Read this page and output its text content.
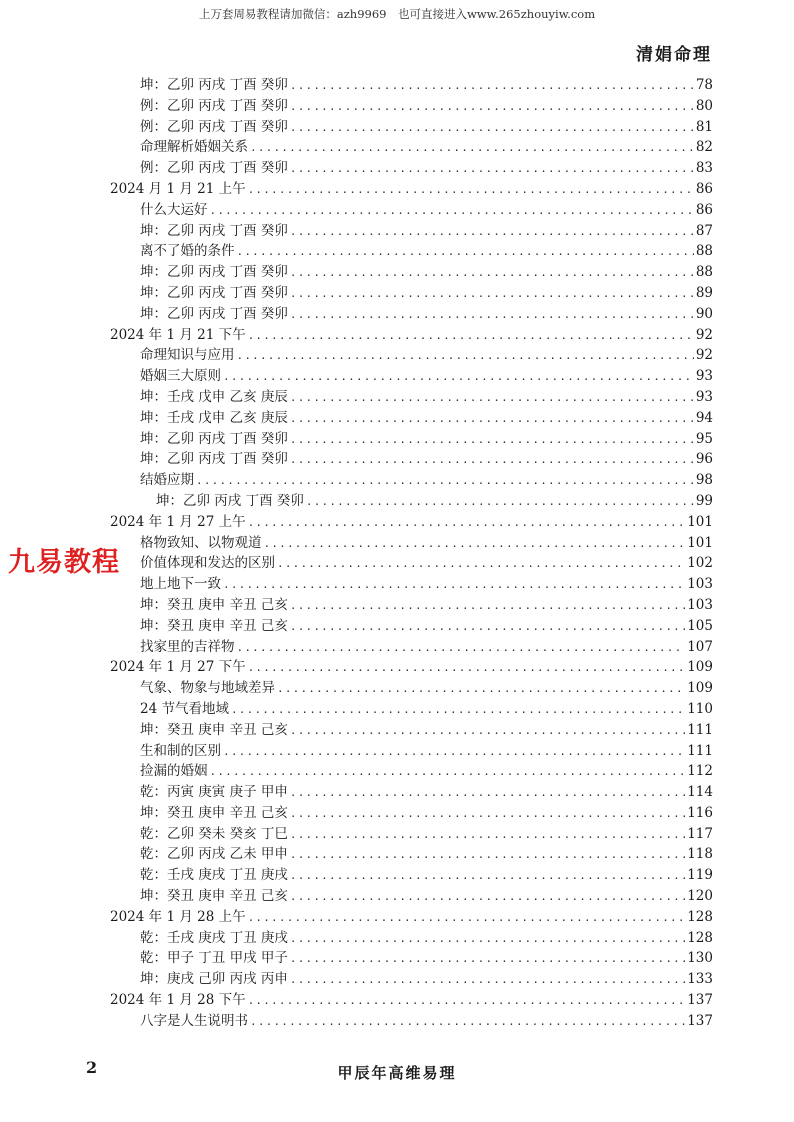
上万套周易教程请加微信：azh9969　也可直接进入www.265zhouyiw.com
清娟命理
坤：乙卯 丙戌 丁酉 癸卯 .....	78
例：乙卯 丙戌 丁酉 癸卯 .....	80
例：乙卯 丙戌 丁酉 癸卯 .....	81
命理解析婚姻关系 .....	82
例：乙卯 丙戌 丁酉 癸卯 .....	83
2024 月 1 月 21 上午 .....	86
什么大运好 .....	86
坤：乙卯 丙戌 丁酉 癸卯 .....	87
离不了婚的条件 .....	88
坤：乙卯 丙戌 丁酉 癸卯 .....	88
坤：乙卯 丙戌 丁酉 癸卯 .....	89
坤：乙卯 丙戌 丁酉 癸卯 .....	90
2024 年 1 月 21 下午 .....	92
命理知识与应用 .....	92
婚姻三大原则 .....	93
坤：壬戌 戊申 乙亥 庚辰 .....	93
坤：壬戌 戊申 乙亥 庚辰 .....	94
坤：乙卯 丙戌 丁酉 癸卯 .....	95
坤：乙卯 丙戌 丁酉 癸卯 .....	96
结婚应期 .....	98
坤：乙卯 丙戌 丁酉 癸卯 .....	99
2024 年 1 月 27 上午 .....	101
格物致知、以物观道 .....	101
价值体现和发达的区别 .....	102
地上地下一致 .....	103
坤：癸丑 庚申 辛丑 己亥 .....	103
坤：癸丑 庚申 辛丑 己亥 .....	105
找家里的吉祥物 .....	107
2024 年 1 月 27 下午 .....	109
气象、物象与地域差异 .....	109
24 节气看地域 .....	110
坤：癸丑 庚申 辛丑 己亥 .....	111
生和制的区别 .....	111
捡漏的婚姻 .....	112
乾：丙寅 庚寅 庚子 甲申 .....	114
坤：癸丑 庚申 辛丑 己亥 .....	116
乾：乙卯 癸未 癸亥 丁巳 .....	117
乾：乙卯 丙戌 乙未 甲申 .....	118
乾：壬戌 庚戌 丁丑 庚戌 .....	119
坤：癸丑 庚申 辛丑 己亥 .....	120
2024 年 1 月 28 上午 .....	128
乾：壬戌 庚戌 丁丑 庚戌 .....	128
乾：甲子 丁丑 甲戌 甲子 .....	130
坤：庚戌 己卯 丙戌 丙申 .....	133
2024 年 1 月 28 下午 .....	137
八字是人生说明书 .....	137
九易教程
2	甲辰年高维易理
